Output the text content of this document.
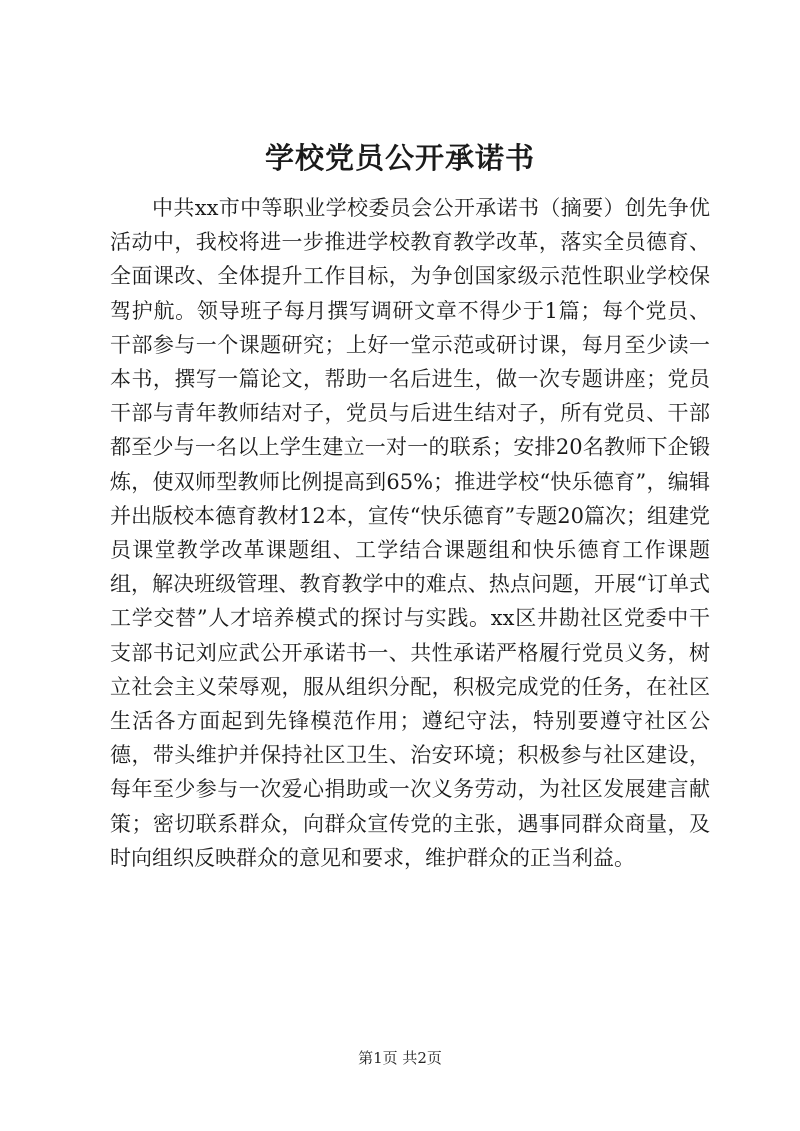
学校党员公开承诺书

中共xx市中等职业学校委员会公开承诺书（摘要）创先争优活动中，我校将进一步推进学校教育教学改革，落实全员德育、全面课改、全体提升工作目标，为争创国家级示范性职业学校保驾护航。领导班子每月撰写调研文章不得少于1篇；每个党员、干部参与一个课题研究；上好一堂示范或研讨课，每月至少读一本书，撰写一篇论文，帮助一名后进生，做一次专题讲座；党员干部与青年教师结对子，党员与后进生结对子，所有党员、干部都至少与一名以上学生建立一对一的联系；安排20名教师下企锻炼，使双师型教师比例提高到65%；推进学校“快乐德育”，编辑并出版校本德育教材12本，宣传“快乐德育”专题20篇次；组建党员课堂教学改革课题组、工学结合课题组和快乐德育工作课题组，解决班级管理、教育教学中的难点、热点问题，开展“订单式工学交替”人才培养模式的探讨与实践。xx区井勘社区党委中干支部书记刘应武公开承诺书一、共性承诺严格履行党员义务，树立社会主义荣辱观，服从组织分配，积极完成党的任务，在社区生活各方面起到先锋模范作用；遵纪守法，特别要遵守社区公德，带头维护并保持社区卫生、治安环境；积极参与社区建设，每年至少参与一次爱心捐助或一次义务劳动，为社区发展建言献策；密切联系群众，向群众宣传党的主张，遇事同群众商量，及时向组织反映群众的意见和要求，维护群众的正当利益。

第1页 共2页
